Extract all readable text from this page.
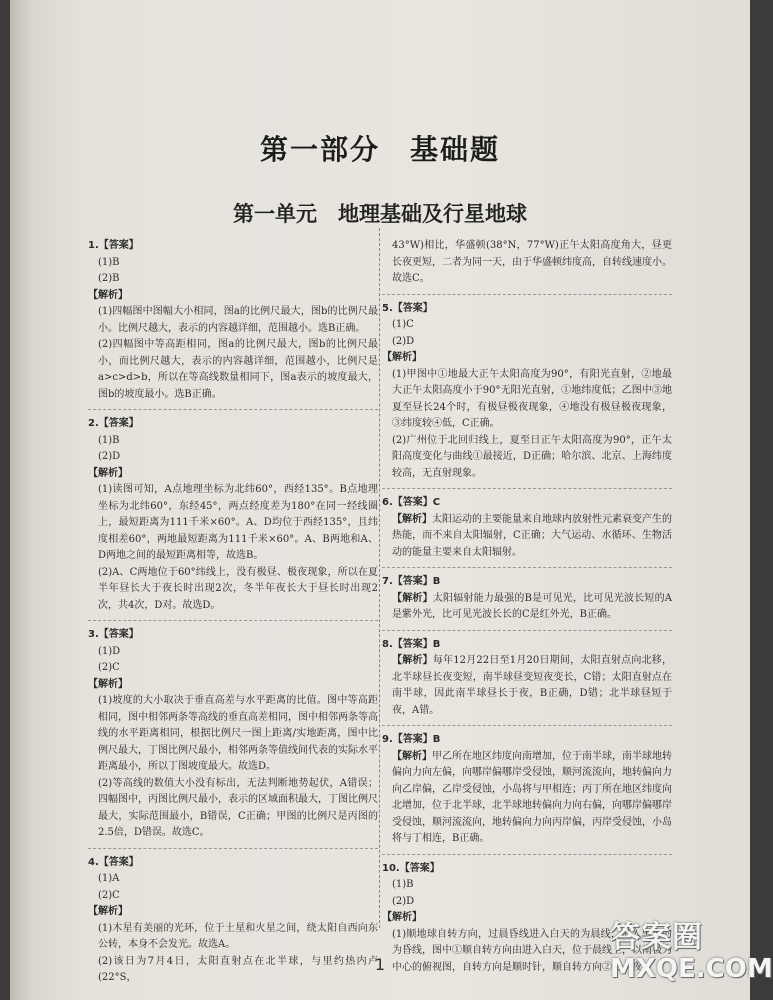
第一部分　基础题
第一单元　地理基础及行星地球
1.【答案】
(1)B
(2)B
【解析】
(1)四幅图中图幅大小相同，图a的比例尺最大，图b的比例尺最小。比例尺越大，表示的内容越详细，范围越小。选B正确。
(2)四幅图中等高距相同，图a的比例尺最大，图b的比例尺最小，而比例尺越大，表示的内容越详细，范围越小，比例尺是a>c>d>b，所以在等高线数量相同下，图a表示的坡度最大，图b的坡度最小。选B正确。
2.【答案】
(1)B
(2)D
【解析】
(1)读图可知，A点地理坐标为北纬60°，西经135°。B点地理坐标为北纬60°，东经45°，两点经度差为180°在同一经线圈上，最短距离为111千米×60°。A、D均位于西经135°，且纬度相差60°，两地最短距离为111千米×60°。A、B两地和A、D两地之间的最短距离相等，故选B。
(2)A、C两地位于60°纬线上，没有极昼、极夜现象，所以在夏半年昼长大于夜长时出现2次，冬半年夜长大于昼长时出现2次，共4次，D对。故选D。
3.【答案】
(1)D
(2)C
【解析】
(1)坡度的大小取决于垂直高差与水平距离的比值。图中等高距相同，图中相邻两条等高线的垂直高差相同，图中相邻两条等高线的水平距离相同，根据比例尺一图上距离/实地距离，图中比例尺最大，丁图比例尺最小，相邻两条等值线间代表的实际水平距离最小，所以丁图坡度最大。故选D。
(2)等高线的数值大小没有标出，无法判断地势起伏，A错误；四幅图中，丙图比例尺最小，表示的区域面积最大，丁图比例尺最大，实际范围最小，B错误，C正确；甲图的比例尺是丙图的2.5倍，D错误。故选C。
4.【答案】
(1)A
(2)C
【解析】
(1)木星有美丽的光环，位于土星和火星之间，绕太阳自西向东公转，本身不会发光。故选A。
(2)该日为7月4日，太阳直射点在北半球，与里约热内卢(22°S，
43°W)相比，华盛顿(38°N，77°W)正午太阳高度角大，昼更长夜更短，二者为同一天，由于华盛顿纬度高，自转线速度小。故选C。
5.【答案】
(1)C
(2)D
【解析】
(1)甲图中①地最大正午太阳高度为90°，有阳光直射，②地最大正午太阳高度小于90°无阳光直射，①地纬度低；乙图中③地夏至昼长24个时，有极昼极夜现象，④地没有极昼极夜现象，③纬度较④低，C正确。
(2)广州位于北回归线上，夏至日正午太阳高度为90°，正午太阳高度变化与曲线①最接近，D正确；哈尔滨、北京、上海纬度较高，无直射现象。
6.【答案】C
【解析】太阳运动的主要能量来自地球内放射性元素衰变产生的热能，而不来自太阳辐射，C正确；大气运动、水循环、生物活动的能量主要来自太阳辐射。
7.【答案】B
【解析】太阳辐射能力最强的B是可见光，比可见光波长短的A是紫外光，比可见光波长长的C是红外光，B正确。
8.【答案】B
【解析】每年12月22日至1月20日期间，太阳直射点向北移，北半球昼长夜变短，南半球昼变短夜变长，C错；太阳直射点在南半球，因此南半球昼长于夜，B正确，D错；北半球昼短于夜，A错。
9.【答案】B
【解析】甲乙所在地区纬度向南增加，位于南半球，南半球地转偏向力向左偏，向哪岸偏哪岸受侵蚀，顺河流流向，地转偏向力向乙岸偏，乙岸受侵蚀，小岛将与甲相连；丙丁所在地区纬度向北增加，位于北半球，北半球地转偏向力向右偏，向哪岸偏哪岸受侵蚀，顺河流流向，地转偏向力向丙岸偏，丙岸受侵蚀，小岛将与丁相连，B正确。
10.【答案】
(1)B
(2)D
【解析】
(1)顺地球自转方向，过晨昏线进入白天的为晨线，进入黑夜的为昏线，图中①顺自转方向由进入白天，位于晨线上，以南极为中心的俯视图，自转方向是顺时针，顺自转方向②进入夜
1
答案圈
MXQE.COM
